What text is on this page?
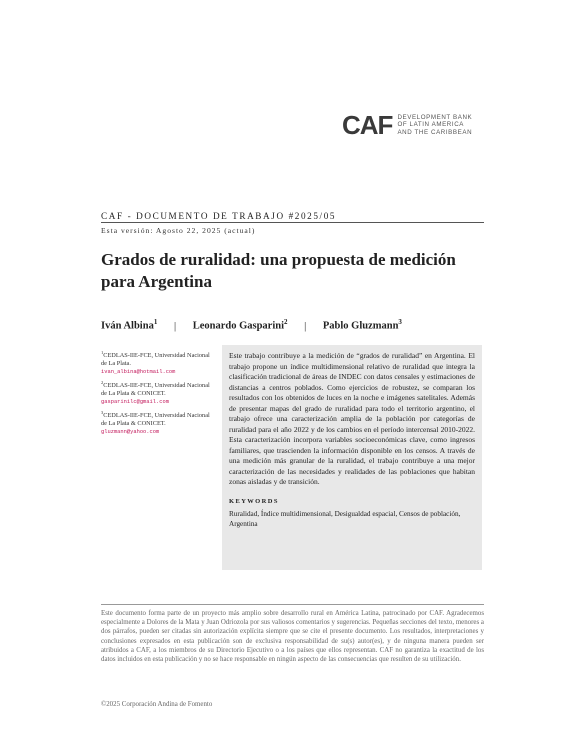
CAF DEVELOPMENT BANK
OF LATIN AMERICA
AND THE CARIBBEAN
CAF - DOCUMENTO DE TRABAJO #2025/05
Esta versión: Agosto 22, 2025 (actual)
Grados de ruralidad: una propuesta de medición para Argentina
Iván Albina$^1$ | Leonardo Gasparini$^2$ | Pablo Gluzmann$^3$
$^1$CEDLAS-IIE-FCE, Universidad Nacional de La Plata.
ivan_albina@hotmail.com
$^2$CEDLAS-IIE-FCE, Universidad Nacional de La Plata & CONICET.
gasparinilc@gmail.com
$^3$CEDLAS-IIE-FCE, Universidad Nacional de La Plata & CONICET.
gluzmann@yahoo.com

Este trabajo contribuye a la medición de “grados de ruralidad” en Argentina. El trabajo propone un índice multidimensional relativo de ruralidad que integra la clasificación tradicional de áreas de INDEC con datos censales y estimaciones de distancias a centros poblados. Como ejercicios de robustez, se comparan los resultados con los obtenidos de luces en la noche e imágenes satelitales. Además de presentar mapas del grado de ruralidad para todo el territorio argentino, el trabajo ofrece una caracterización amplia de la población por categorías de ruralidad para el año 2022 y de los cambios en el período intercensal 2010-2022. Esta caracterización incorpora variables socioeconómicas clave, como ingresos familiares, que trascienden la información disponible en los censos. A través de una medición más granular de la ruralidad, el trabajo contribuye a una mejor caracterización de las necesidades y realidades de las poblaciones que habitan zonas aisladas y de transición.

KEYWORDS
Ruralidad, Índice multidimensional, Desigualdad espacial, Censos de población, Argentina
Este documento forma parte de un proyecto más amplio sobre desarrollo rural en América Latina, patrocinado por CAF. Agradecemos especialmente a Dolores de la Mata y Juan Odriozola por sus valiosos comentarios y sugerencias. Pequeñas secciones del texto, menores a dos párrafos, pueden ser citadas sin autorización explícita siempre que se cite el presente documento. Los resultados, interpretaciones y conclusiones expresados en esta publicación son de exclusiva responsabilidad de su(s) autor(es), y de ninguna manera pueden ser atribuidos a CAF, a los miembros de su Directorio Ejecutivo o a los países que ellos representan. CAF no garantiza la exactitud de los datos incluidos en esta publicación y no se hace responsable en ningún aspecto de las consecuencias que resulten de su utilización.
©2025 Corporación Andina de Fomento
